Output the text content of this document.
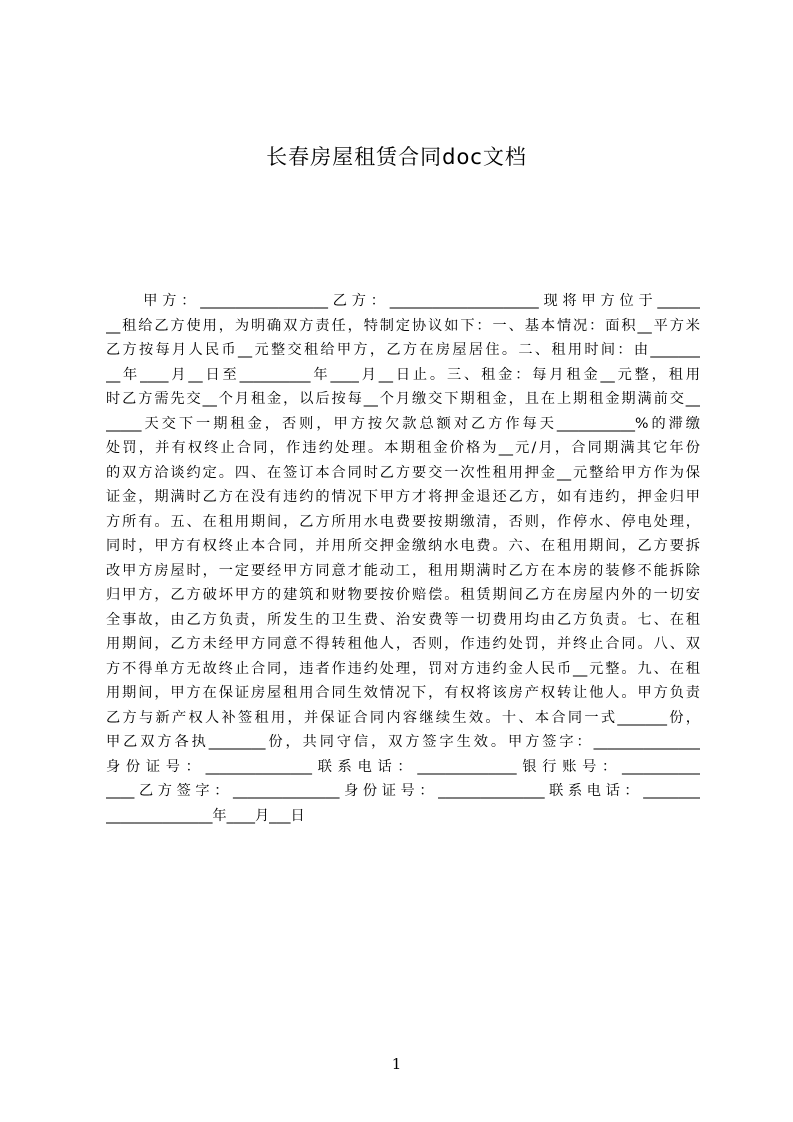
长春房屋租赁合同doc文档
甲方：__________________乙方：_____________________现将甲方位于______
__租给乙方使用，为明确双方责任，特制定协议如下：一、基本情况：面积__平方米
乙方按每月人民币__元整交租给甲方，乙方在房屋居住。二、租用时间：由_______
__年____月__日至__________年____月__日止。三、租金：每月租金__元整，租用
时乙方需先交__个月租金，以后按每__个月缴交下期租金，且在上期租金期满前交__
_____天交下一期租金，否则，甲方按欠款总额对乙方作每天___________%的滞缴
处罚，并有权终止合同，作违约处理。本期租金价格为__元/月，合同期满其它年份
的双方洽谈约定。四、在签订本合同时乙方要交一次性租用押金__元整给甲方作为保
证金，期满时乙方在没有违约的情况下甲方才将押金退还乙方，如有违约，押金归甲
方所有。五、在租用期间，乙方所用水电费要按期缴清，否则，作停水、停电处理，
同时，甲方有权终止本合同，并用所交押金缴纳水电费。六、在租用期间，乙方要拆
改甲方房屋时，一定要经甲方同意才能动工，租用期满时乙方在本房的装修不能拆除
归甲方，乙方破坏甲方的建筑和财物要按价赔偿。租赁期间乙方在房屋内外的一切安
全事故，由乙方负责，所发生的卫生费、治安费等一切费用均由乙方负责。七、在租
用期间，乙方未经甲方同意不得转租他人，否则，作违约处罚，并终止合同。八、双
方不得单方无故终止合同，违者作违约处理，罚对方违约金人民币__元整。九、在租
用期间，甲方在保证房屋租用合同生效情况下，有权将该房产权转让他人。甲方负责
乙方与新产权人补签租用，并保证合同内容继续生效。十、本合同一式_______份，
甲乙双方各执________份，共同守信，双方签字生效。甲方签字：_______________
身份证号：_______________联系电话：______________银行账号：___________
____乙方签字：_______________身份证号：_______________联系电话：________
_______________年____月___日
1
